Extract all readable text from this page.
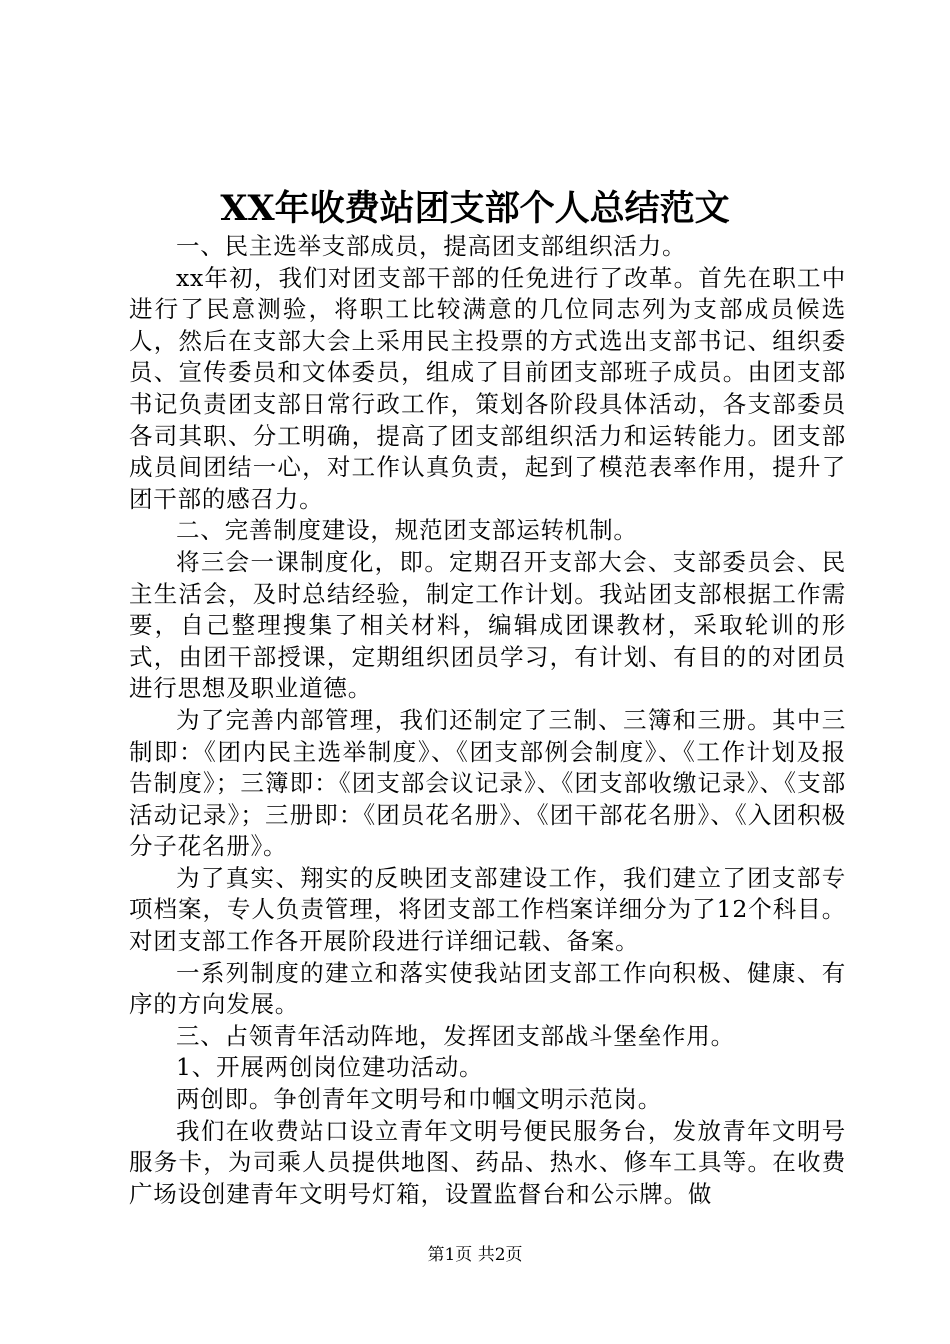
XX年收费站团支部个人总结范文

一、民主选举支部成员，提高团支部组织活力。

xx年初，我们对团支部干部的任免进行了改革。首先在职工中进行了民意测验，将职工比较满意的几位同志列为支部成员候选人，然后在支部大会上采用民主投票的方式选出支部书记、组织委员、宣传委员和文体委员，组成了目前团支部班子成员。由团支部书记负责团支部日常行政工作，策划各阶段具体活动，各支部委员各司其职、分工明确，提高了团支部组织活力和运转能力。团支部成员间团结一心，对工作认真负责，起到了模范表率作用，提升了团干部的感召力。

二、完善制度建设，规范团支部运转机制。

将三会一课制度化，即。定期召开支部大会、支部委员会、民主生活会，及时总结经验，制定工作计划。我站团支部根据工作需要，自己整理搜集了相关材料，编辑成团课教材，采取轮训的形式，由团干部授课，定期组织团员学习，有计划、有目的的对团员进行思想及职业道德。

为了完善内部管理，我们还制定了三制、三簿和三册。其中三制即：《团内民主选举制度》、《团支部例会制度》、《工作计划及报告制度》；三簿即：《团支部会议记录》、《团支部收缴记录》、《支部活动记录》；三册即：《团员花名册》、《团干部花名册》、《入团积极分子花名册》。

为了真实、翔实的反映团支部建设工作，我们建立了团支部专项档案，专人负责管理，将团支部工作档案详细分为了12个科目。对团支部工作各开展阶段进行详细记载、备案。

一系列制度的建立和落实使我站团支部工作向积极、健康、有序的方向发展。

三、占领青年活动阵地，发挥团支部战斗堡垒作用。

1、开展两创岗位建功活动。

两创即。争创青年文明号和巾帼文明示范岗。

我们在收费站口设立青年文明号便民服务台，发放青年文明号服务卡，为司乘人员提供地图、药品、热水、修车工具等。在收费广场设创建青年文明号灯箱，设置监督台和公示牌。做

第1页 共2页
